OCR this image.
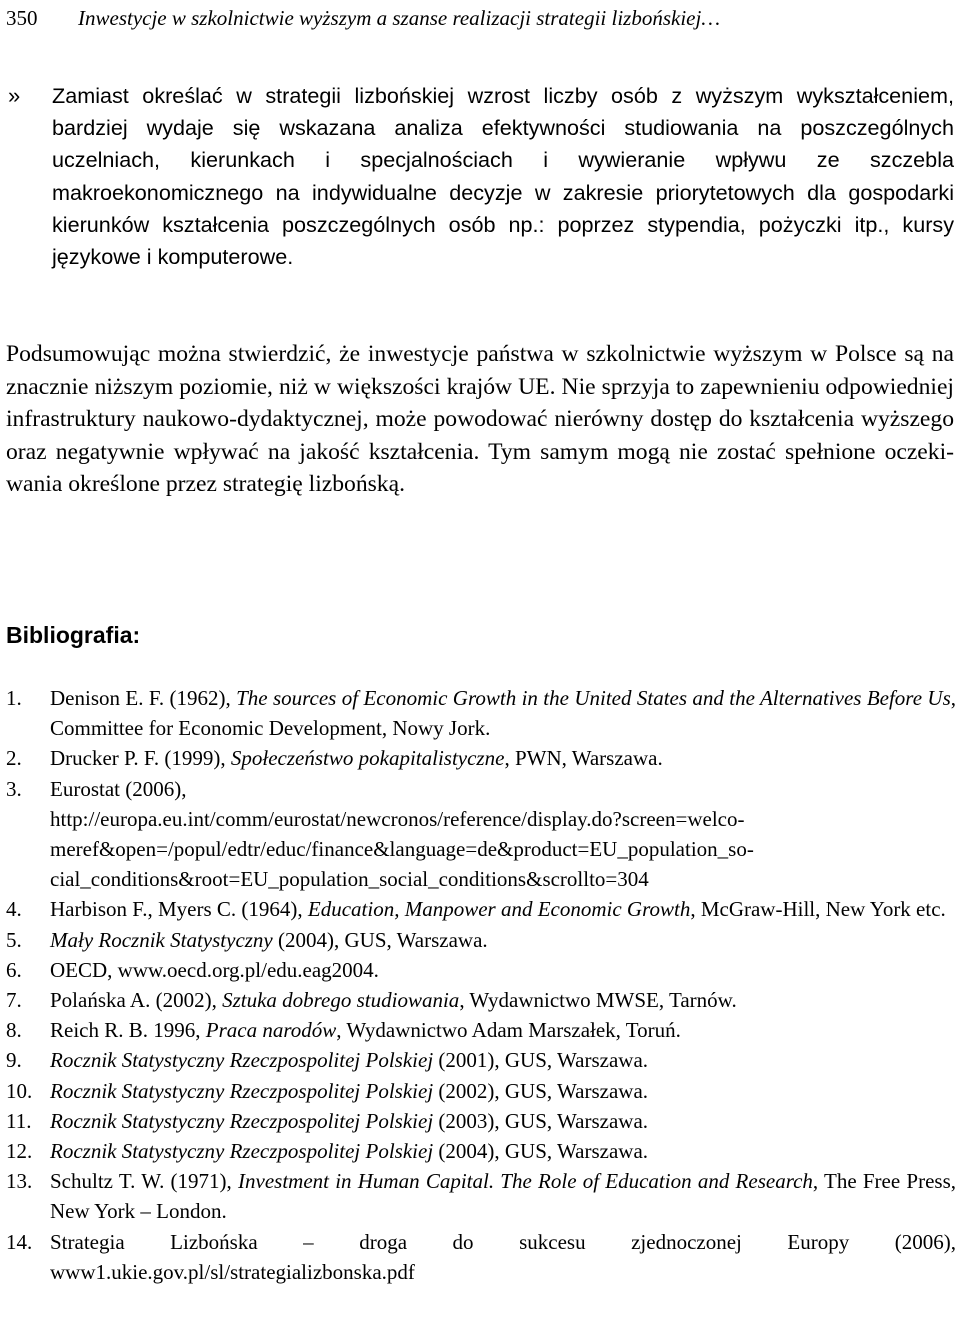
350 Inwestycje w szkolnictwie wyższym a szanse realizacji strategii lizbońskiej…
» Zamiast określać w strategii lizbońskiej wzrost liczby osób z wyższym wykształceniem, bardziej wydaje się wskazana analiza efektywności studiowania na poszczególnych uczelniach, kierunkach i specjalnościach i wywieranie wpływu ze szczebla makroekonomicznego na indywidualne decyzje w zakresie priorytetowych dla gospodarki kierunków kształcenia poszczególnych osób np.: poprzez stypendia, pożyczki itp., kursy językowe i komputerowe.

Podsumowując można stwierdzić, że inwestycje państwa w szkolnictwie wyższym w Polsce są na znacznie niższym poziomie, niż w większości krajów UE. Nie sprzyja to zapewnieniu odpowiedniej infrastruktury naukowo-dydaktycznej, może powodować nierówny dostęp do kształcenia wyższego oraz negatywnie wpływać na jakość kształcenia. Tym samym mogą nie zostać spełnione oczekiwania określone przez strategię lizbońską.

Bibliografia:
1. Denison E. F. (1962), The sources of Economic Growth in the United States and the Alternatives Before Us, Committee for Economic Development, Nowy Jork.
2. Drucker P. F. (1999), Społeczeństwo pokapitalistyczne, PWN, Warszawa.
3. Eurostat (2006),
http://europa.eu.int/comm/eurostat/newcronos/reference/display.do?screen=welcomeref&open=/popul/edtr/educ/finance&language=de&product=EU_population_social_conditions&root=EU_population_social_conditions&scrollto=304
4. Harbison F., Myers C. (1964), Education, Manpower and Economic Growth, McGraw-Hill, New York etc.
5. Mały Rocznik Statystyczny (2004), GUS, Warszawa.
6. OECD, www.oecd.org.pl/edu.eag2004.
7. Polańska A. (2002), Sztuka dobrego studiowania, Wydawnictwo MWSE, Tarnów.
8. Reich R. B. 1996, Praca narodów, Wydawnictwo Adam Marszałek, Toruń.
9. Rocznik Statystyczny Rzeczpospolitej Polskiej (2001), GUS, Warszawa.
10. Rocznik Statystyczny Rzeczpospolitej Polskiej (2002), GUS, Warszawa.
11. Rocznik Statystyczny Rzeczpospolitej Polskiej (2003), GUS, Warszawa.
12. Rocznik Statystyczny Rzeczpospolitej Polskiej (2004), GUS, Warszawa.
13. Schultz T. W. (1971), Investment in Human Capital. The Role of Education and Research, The Free Press, New York – London.
14. Strategia Lizbońska – droga do sukcesu zjednoczonej Europy (2006), www1.ukie.gov.pl/sl/strategializbonska.pdf
